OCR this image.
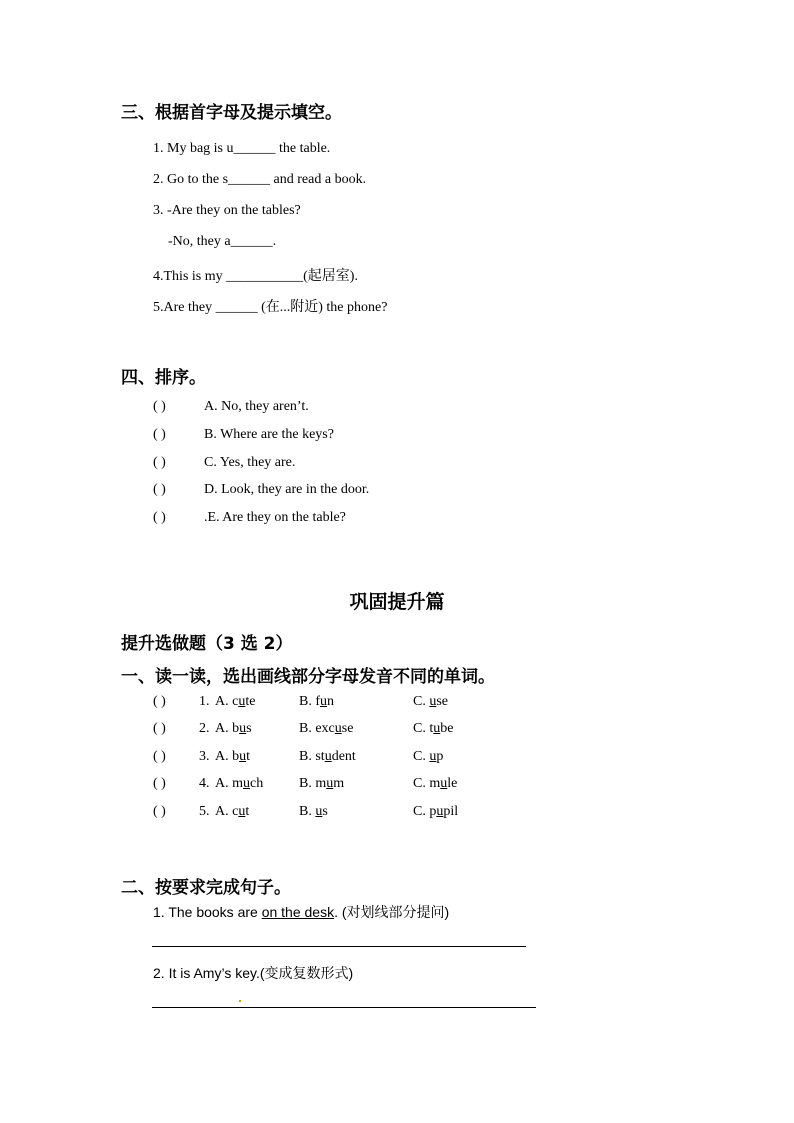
三、根据首字母及提示填空。
1. My bag is u______ the table.
2. Go to the s______ and read a book.
3. -Are they on the tables?
-No, they a______.
4.This is my ___________(起居室).
5.Are they ______ (在...附近) the phone?
四、排序。
( )	A. No, they aren’t.
( )	B. Where are the keys?
( )	C. Yes, they are.
( )	D. Look, they are in the door.
( )	.E. Are they on the table?
巩固提升篇
提升选做题（3 选 2）
一、读一读，选出画线部分字母发音不同的单词。
( ) 1. A. cute	B. fun	C. use
( ) 2. A. bus	B. excuse	C. tube
( ) 3. A. but	B. student	C. up
( ) 4. A. much	B. mum	C. mule
( ) 5. A. cut	B. us	C. pupil
二、按要求完成句子。
1. The books are on the desk. (对划线部分提问)
2. It is Amy’s key.(变成复数形式)
